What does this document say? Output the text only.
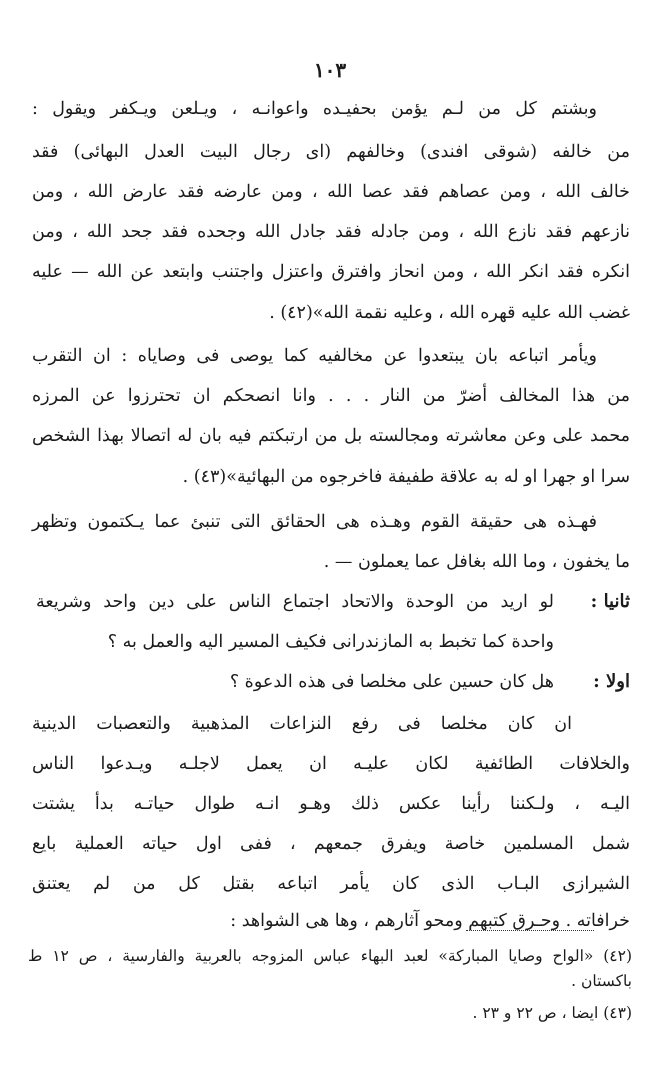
١٠٣
وبشتم كل من لـم يؤمن بحفيـده واعوانـه ، ويـلعن ويـكفر ويقول :
من خالفه (شوقى افندى) وخالفهم (اى رجال البيت العدل البهائى) فقد
خالف الله ، ومن عصاهم فقد عصا الله ، ومن عارضه فقد عارض الله ، ومن
نازعهم فقد نازع الله ، ومن جادله فقد جادل الله وجحده فقد جحد الله ، ومن
انكره فقد انكر الله ، ومن انحاز وافترق واعتزل واجتنب وابتعد عن الله — عليه
غضب الله عليه قهره الله ، وعليه نقمة الله»(٤٢) .
ويأمر اتباعه بان يبتعدوا عن مخالفيه كما يوصى فى وصاياه : ان التقرب
من هذا المخالف أضرّ من النار . . . وانا انصحكم ان تحترزوا عن المرزه
محمد على وعن معاشرته ومجالسته بل من ارتبكتم فيه بان له اتصالا بهذا الشخص
سرا او جهرا او له به علاقة طفيفة فاخرجوه من البهائية»(٤٣) .
فهـذه هى حقيقة القوم وهـذه هى الحقائق التى تنبئ عما يـكتمون وتظهر
ما يخفون ، وما الله بغافل عما يعملون — .
ثانيا :
لو اريد من الوحدة والاتحاد اجتماع الناس على دين واحد وشريعة
واحدة كما تخبط به المازندرانى فكيف المسير اليه والعمل به ؟
اولا :
هل كان حسين على مخلصا فى هذه الدعوة ؟
ان كان مخلصا فى رفع النزاعات المذهبية والتعصبات الدينية
والخلافات الطائفية لكان عليـه ان يعمل لاجلـه ويـدعوا الناس
اليـه ، ولـكننا رأينا عكس ذلك وهـو انـه طوال حياتـه بدأ يشتت
شمل المسلمين خاصة ويفرق جمعهم ، ففى اول حياته العملية بايع
الشيرازى البـاب الذى كان يأمر اتباعه بقتل كل من لم يعتنق
خرافاته . وحـرق كتبهم ومحو آثارهم ، وها هى الشواهد :
(٤٢) «الواح وصايا المباركة» لعبد البهاء عباس المزوجه بالعربية والفارسية ، ص ١٢ ط
باكستان .
(٤٣) ايضا ، ص ٢٢ و ٢٣ .
